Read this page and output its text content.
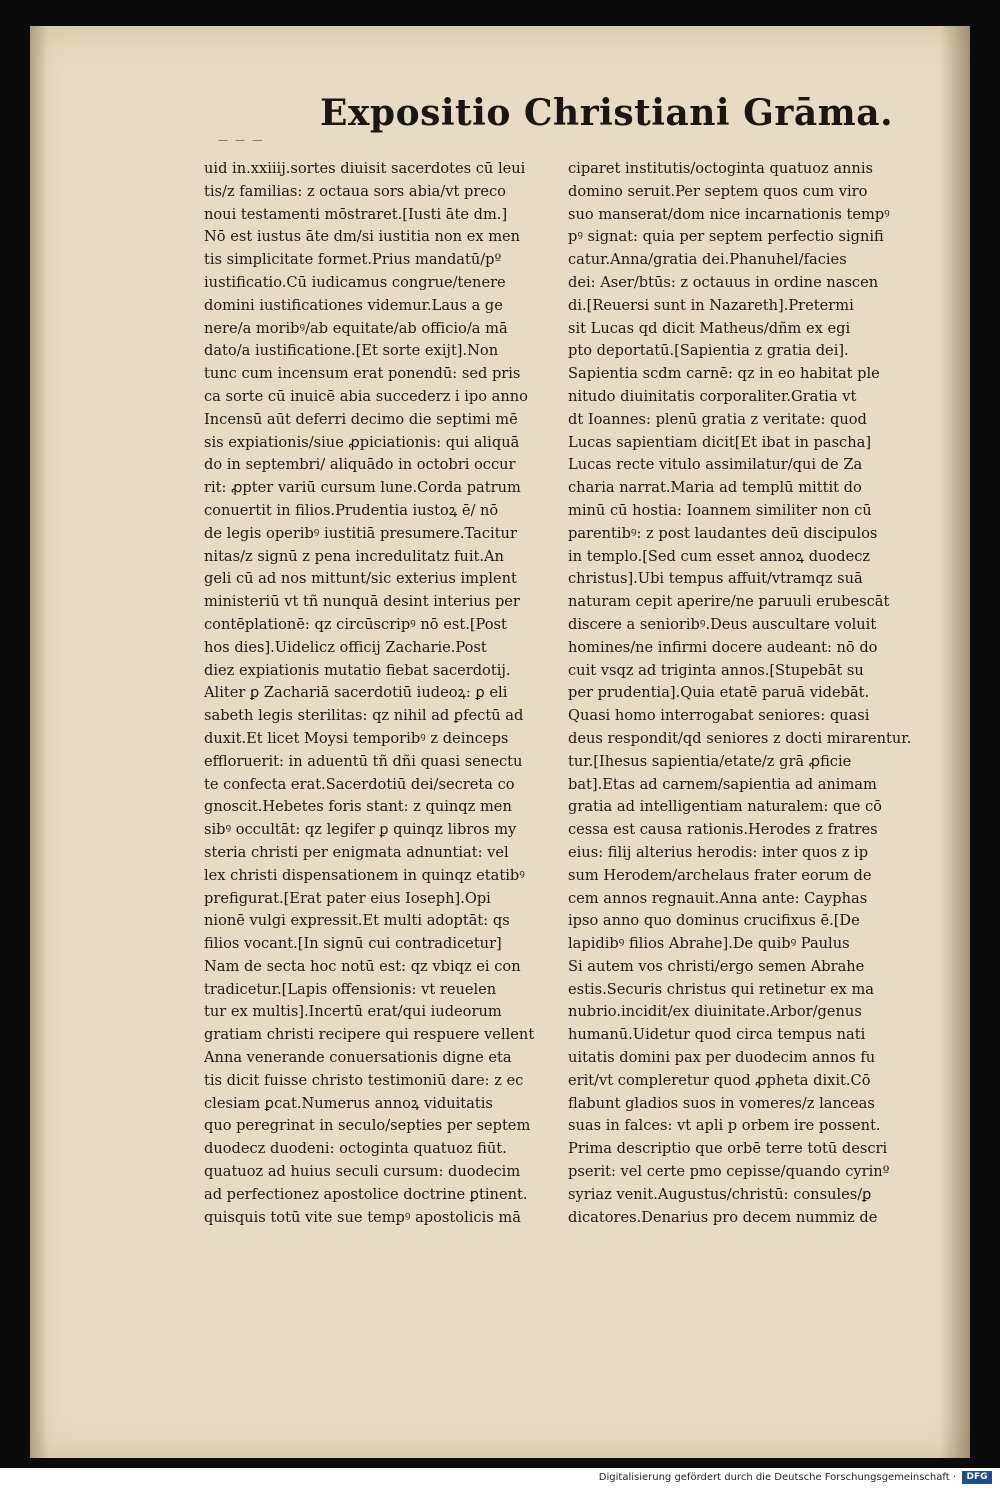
Expositio Christiani Grāma.
— — —
uid in.xxiiij.sortes diuisit sacerdotes cū leui
tis/z familias: z octaua sors abia/vt preco
noui testamenti mōstraret.[Iusti āte dm.]
Nō est iustus āte dm/si iustitia non ex men
tis simplicitate formet.Prius mandatū/pº
iustificatio.Cū iudicamus congrue/tenere
domini iustificationes videmur.Laus a ge
nere/a moribꝰ/ab equitate/ab officio/a mā
dato/a iustificatione.[Et sorte exijt].Non
tunc cum incensum erat ponendū: sed pris
ca sorte cū inuicē abia succederz i ipo anno
Incensū aūt deferri decimo die septimi mē
sis expiationis/siue ꝓpiciationis: qui aliquā
do in septembri/ aliquādo in octobri occur
rit: ꝓpter variū cursum lune.Corda patrum
conuertit in filios.Prudentia iustoꝝ ē/ nō
de legis operibꝰ iustitiā presumere.Tacitur
nitas/z signū z pena incredulitatz fuit.An
geli cū ad nos mittunt/sic exterius implent
ministeriū vt tñ nunquā desint interius per
contēplationē: qz circūscripꝰ nō est.[Post
hos dies].Uidelicz officij Zacharie.Post
diez expiationis mutatio fiebat sacerdotij.
Aliter ꝑ Zachariā sacerdotiū iudeoꝝ: ꝑ eli
sabeth legis sterilitas: qz nihil ad ꝑfectū ad
duxit.Et licet Moysi temporibꝰ z deinceps
effloruerit: in aduentū tñ dñi quasi senectu
te confecta erat.Sacerdotiū dei/secreta co
gnoscit.Hebetes foris stant: z quinqz men
sibꝰ occultāt: qz legifer ꝑ quinqz libros my
steria christi per enigmata adnuntiat: vel
lex christi dispensationem in quinqz etatibꝰ
prefigurat.[Erat pater eius Ioseph].Opi
nionē vulgi expressit.Et multi adoptāt: qs
filios vocant.[In signū cui contradicetur]
Nam de secta hoc notū est: qz vbiqz ei con
tradicetur.[Lapis offensionis: vt reuelen
tur ex multis].Incertū erat/qui iudeorum
gratiam christi recipere qui respuere vellent
Anna venerande conuersationis digne eta
tis dicit fuisse christo testimoniū dare: z ec
clesiam ꝑcat.Numerus annoꝝ viduitatis
quo peregrinat in seculo/septies per septem
duodecz duodeni: octoginta quatuoz fiūt.
quatuoz ad huius seculi cursum: duodecim
ad perfectionez apostolice doctrine ꝑtinent.
quisquis totū vite sue tempꝰ apostolicis mā
ciparet institutis/octoginta quatuoz annis
domino seruit.Per septem quos cum viro
suo manserat/dom nice incarnationis tempꝰ
pꝰ signat: quia per septem perfectio signifi
catur.Anna/gratia dei.Phanuhel/facies
dei: Aser/btūs: z octauus in ordine nascen
di.[Reuersi sunt in Nazareth].Pretermi
sit Lucas qd dicit Matheus/dñm ex egi
pto deportatū.[Sapientia z gratia dei].
Sapientia scdm carnē: qz in eo habitat ple
nitudo diuinitatis corporaliter.Gratia vt
dt Ioannes: plenū gratia z veritate: quod
Lucas sapientiam dicit[Et ibat in pascha]
Lucas recte vitulo assimilatur/qui de Za
charia narrat.Maria ad templū mittit do
minū cū hostia: Ioannem similiter non cū
parentibꝰ: z post laudantes deū discipulos
in templo.[Sed cum esset annoꝝ duodecz
christus].Ubi tempus affuit/vtramqz suā
naturam cepit aperire/ne paruuli erubescāt
discere a senioribꝰ.Deus auscultare voluit
homines/ne infirmi docere audeant: nō do
cuit vsqz ad triginta annos.[Stupebāt su
per prudentia].Quia etatē paruā videbāt.
Quasi homo interrogabat seniores: quasi
deus respondit/qd seniores z docti mirarentur.
tur.[Ihesus sapientia/etate/z grā ꝓficie
bat].Etas ad carnem/sapientia ad animam
gratia ad intelligentiam naturalem: que cō
cessa est causa rationis.Herodes z fratres
eius: filij alterius herodis: inter quos z ip
sum Herodem/archelaus frater eorum de
cem annos regnauit.Anna ante: Cayphas
ipso anno quo dominus crucifixus ē.[De
lapidibꝰ filios Abrahe].De quibꝰ Paulus
Si autem vos christi/ergo semen Abrahe
estis.Securis christus qui retinetur ex ma
nubrio.incidit/ex diuinitate.Arbor/genus
humanū.Uidetur quod circa tempus nati
uitatis domini pax per duodecim annos fu
erit/vt compleretur quod ꝓpheta dixit.Cō
flabunt gladios suos in vomeres/z lanceas
suas in falces: vt apli p orbem ire possent.
Prima descriptio que orbē terre totū descri
pserit: vel certe pmo cepisse/quando cyrinº
syriaz venit.Augustus/christū: consules/ꝑ
dicatores.Denarius pro decem nummiz de
Digitalisierung gefördert durch die Deutsche Forschungsgemeinschaft ·	DFG
